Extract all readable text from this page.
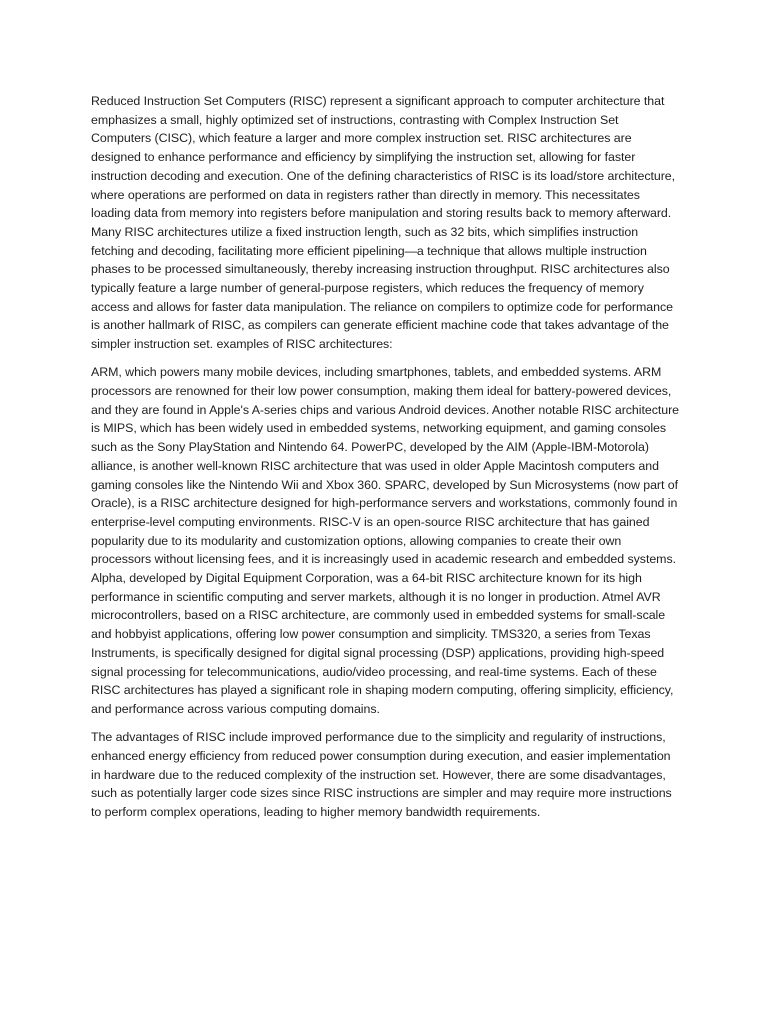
Reduced Instruction Set Computers (RISC) represent a significant approach to computer architecture that emphasizes a small, highly optimized set of instructions, contrasting with Complex Instruction Set Computers (CISC), which feature a larger and more complex instruction set. RISC architectures are designed to enhance performance and efficiency by simplifying the instruction set, allowing for faster instruction decoding and execution. One of the defining characteristics of RISC is its load/store architecture, where operations are performed on data in registers rather than directly in memory. This necessitates loading data from memory into registers before manipulation and storing results back to memory afterward. Many RISC architectures utilize a fixed instruction length, such as 32 bits, which simplifies instruction fetching and decoding, facilitating more efficient pipelining—a technique that allows multiple instruction phases to be processed simultaneously, thereby increasing instruction throughput. RISC architectures also typically feature a large number of general-purpose registers, which reduces the frequency of memory access and allows for faster data manipulation. The reliance on compilers to optimize code for performance is another hallmark of RISC, as compilers can generate efficient machine code that takes advantage of the simpler instruction set. examples of RISC architectures:

ARM, which powers many mobile devices, including smartphones, tablets, and embedded systems. ARM processors are renowned for their low power consumption, making them ideal for battery-powered devices, and they are found in Apple's A-series chips and various Android devices. Another notable RISC architecture is MIPS, which has been widely used in embedded systems, networking equipment, and gaming consoles such as the Sony PlayStation and Nintendo 64. PowerPC, developed by the AIM (Apple-IBM-Motorola) alliance, is another well-known RISC architecture that was used in older Apple Macintosh computers and gaming consoles like the Nintendo Wii and Xbox 360. SPARC, developed by Sun Microsystems (now part of Oracle), is a RISC architecture designed for high-performance servers and workstations, commonly found in enterprise-level computing environments. RISC-V is an open-source RISC architecture that has gained popularity due to its modularity and customization options, allowing companies to create their own processors without licensing fees, and it is increasingly used in academic research and embedded systems. Alpha, developed by Digital Equipment Corporation, was a 64-bit RISC architecture known for its high performance in scientific computing and server markets, although it is no longer in production. Atmel AVR microcontrollers, based on a RISC architecture, are commonly used in embedded systems for small-scale and hobbyist applications, offering low power consumption and simplicity. TMS320, a series from Texas Instruments, is specifically designed for digital signal processing (DSP) applications, providing high-speed signal processing for telecommunications, audio/video processing, and real-time systems. Each of these RISC architectures has played a significant role in shaping modern computing, offering simplicity, efficiency, and performance across various computing domains.

The advantages of RISC include improved performance due to the simplicity and regularity of instructions, enhanced energy efficiency from reduced power consumption during execution, and easier implementation in hardware due to the reduced complexity of the instruction set. However, there are some disadvantages, such as potentially larger code sizes since RISC instructions are simpler and may require more instructions to perform complex operations, leading to higher memory bandwidth requirements.
